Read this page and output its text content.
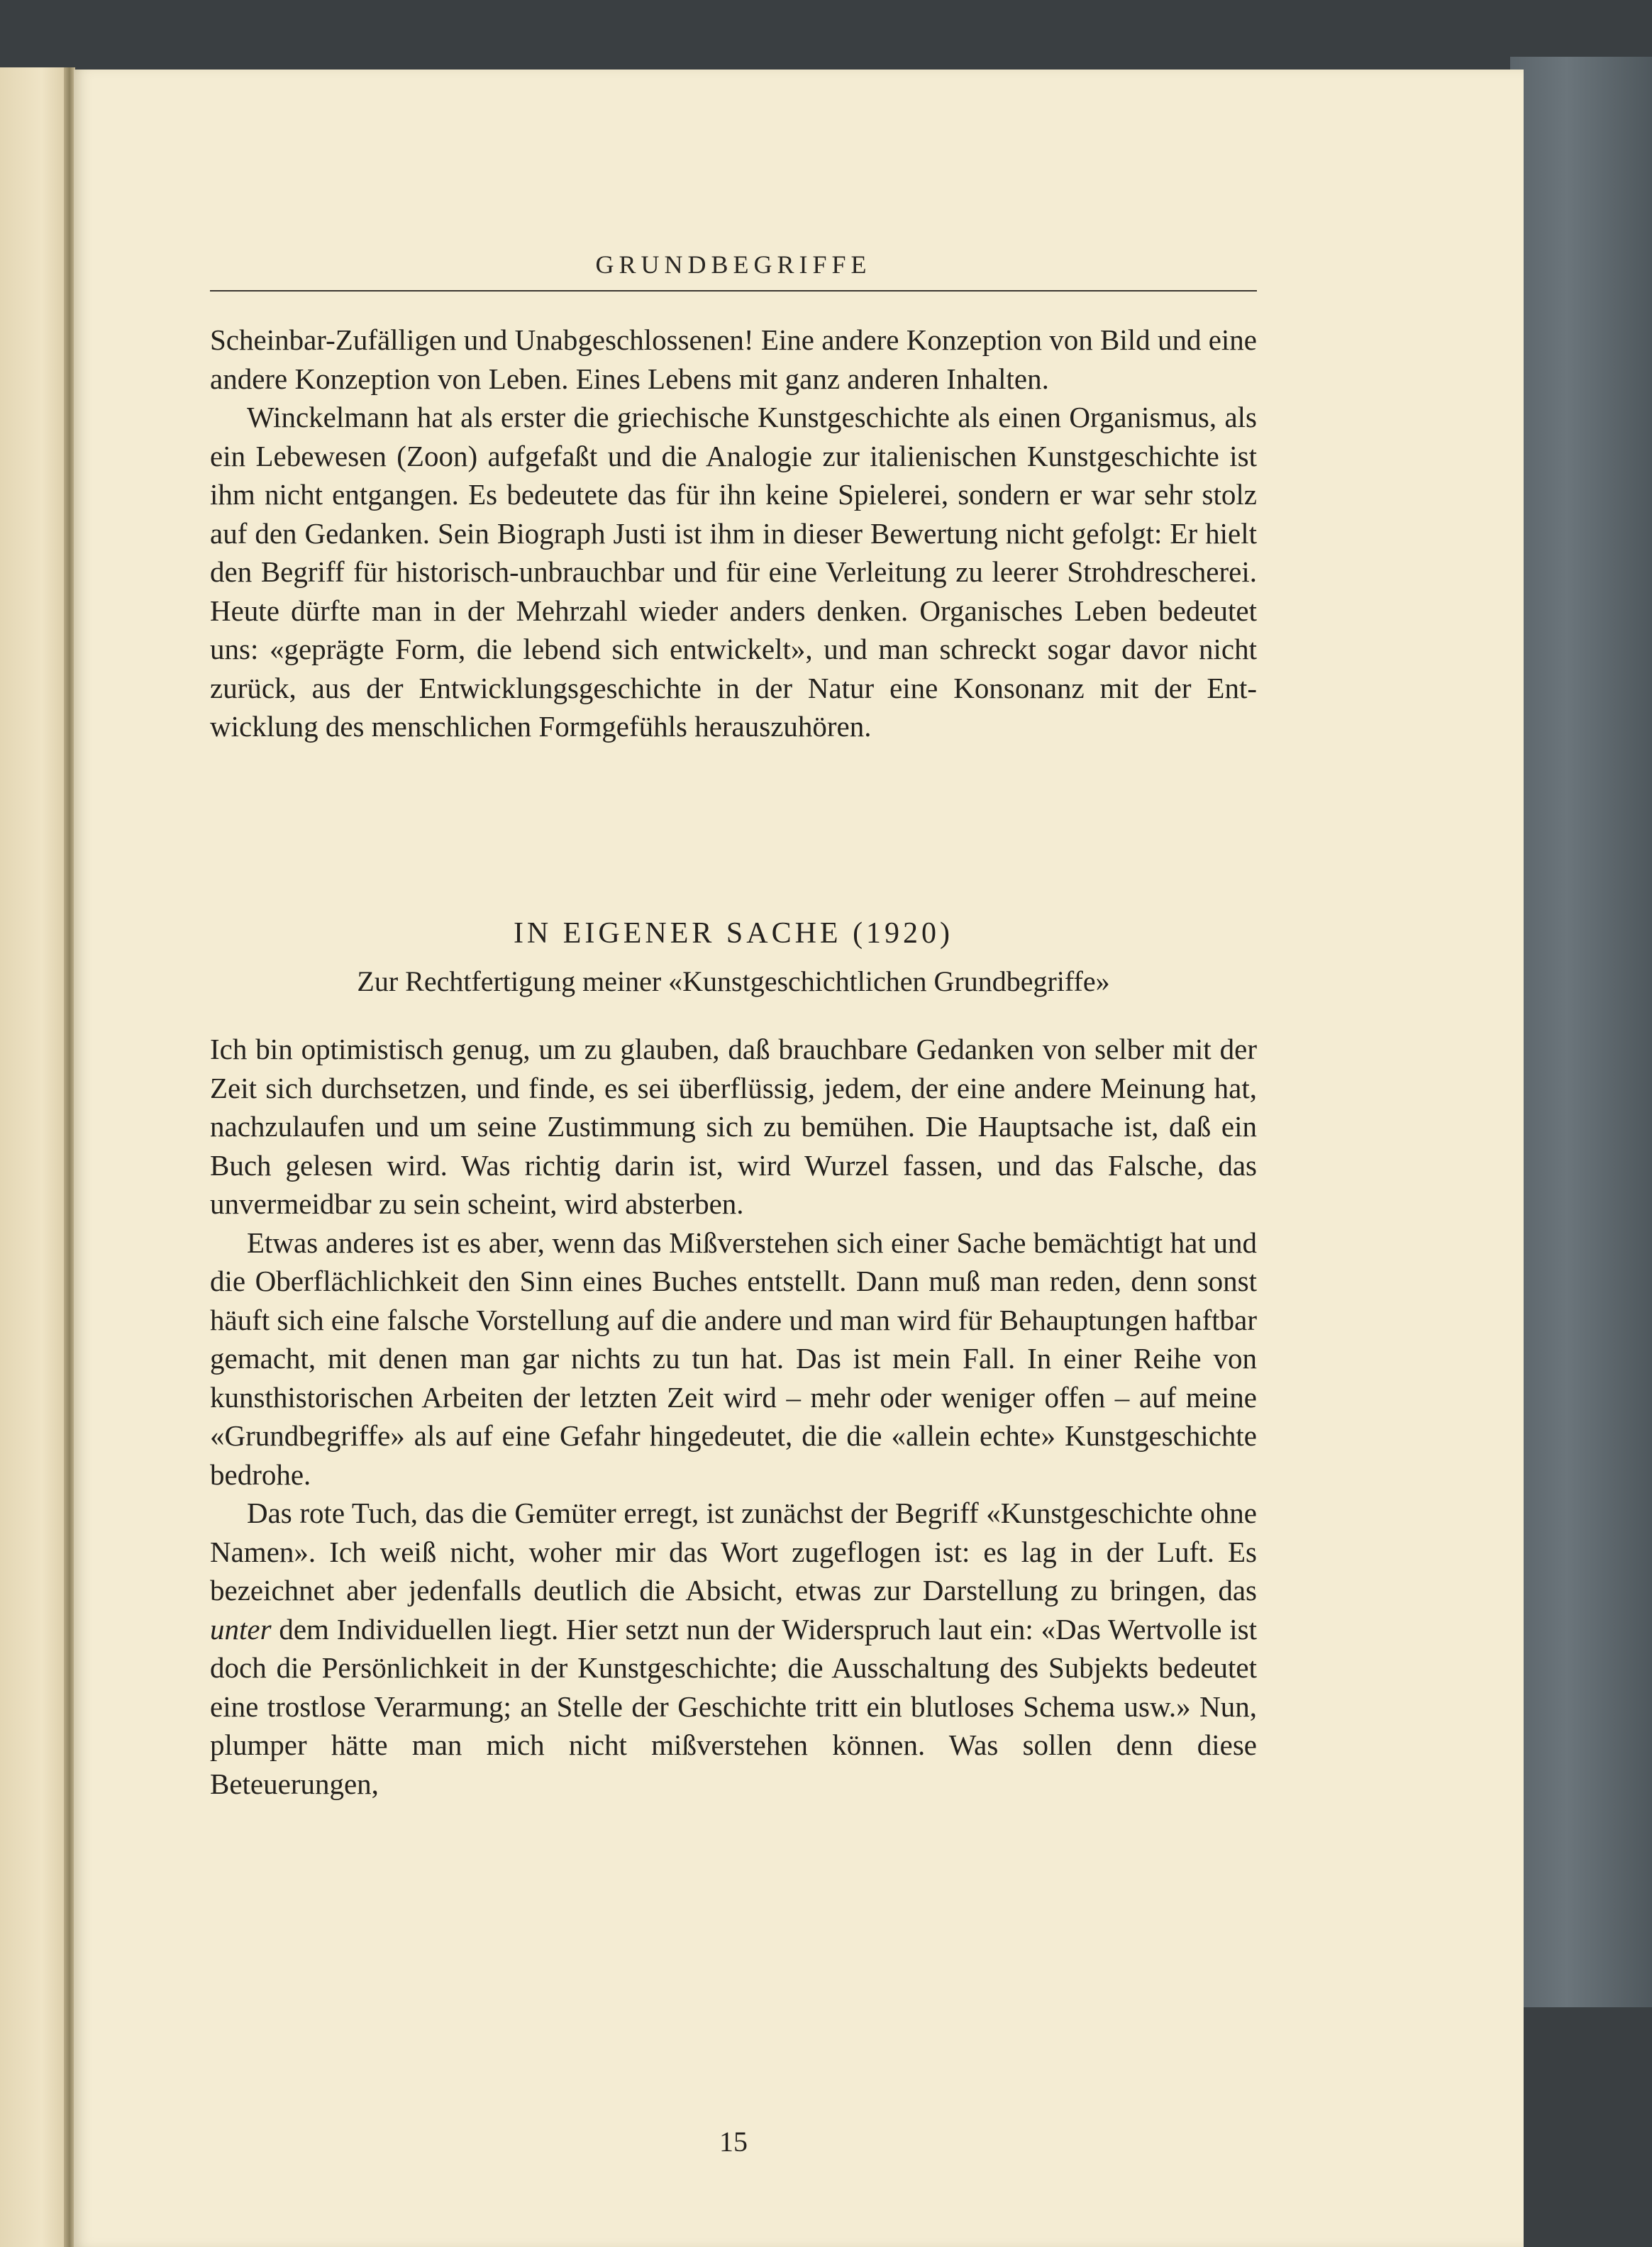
GRUNDBEGRIFFE

Scheinbar-Zufälligen und Unabgeschlossenen! Eine andere Konzeption von Bild und eine andere Konzeption von Leben. Eines Lebens mit ganz anderen Inhalten.

Winckelmann hat als erster die griechische Kunstgeschichte als einen Organismus, als ein Lebewesen (Zoon) aufgefaßt und die Analogie zur italienischen Kunstgeschichte ist ihm nicht entgangen. Es bedeutete das für ihn keine Spielerei, sondern er war sehr stolz auf den Gedanken. Sein Biograph Justi ist ihm in dieser Bewertung nicht gefolgt: Er hielt den Begriff für historisch-unbrauchbar und für eine Verleitung zu leerer Strohdrescherei. Heute dürfte man in der Mehrzahl wieder anders denken. Organisches Leben bedeutet uns: «geprägte Form, die lebend sich entwickelt», und man schreckt sogar davor nicht zurück, aus der Entwicklungsgeschichte in der Natur eine Konsonanz mit der Entwicklung des menschlichen Formgefühls herauszuhören.

IN EIGENER SACHE (1920)
Zur Rechtfertigung meiner «Kunstgeschichtlichen Grundbegriffe»

Ich bin optimistisch genug, um zu glauben, daß brauchbare Gedanken von selber mit der Zeit sich durchsetzen, und finde, es sei überflüssig, jedem, der eine andere Meinung hat, nachzulaufen und um seine Zustimmung sich zu bemühen. Die Hauptsache ist, daß ein Buch gelesen wird. Was richtig darin ist, wird Wurzel fassen, und das Falsche, das unvermeidbar zu sein scheint, wird absterben.

Etwas anderes ist es aber, wenn das Mißverstehen sich einer Sache bemächtigt hat und die Oberflächlichkeit den Sinn eines Buches entstellt. Dann muß man reden, denn sonst häuft sich eine falsche Vorstellung auf die andere und man wird für Behauptungen haftbar gemacht, mit denen man gar nichts zu tun hat. Das ist mein Fall. In einer Reihe von kunsthistorischen Arbeiten der letzten Zeit wird – mehr oder weniger offen – auf meine «Grundbegriffe» als auf eine Gefahr hingedeutet, die die «allein echte» Kunstgeschichte bedrohe.

Das rote Tuch, das die Gemüter erregt, ist zunächst der Begriff «Kunstgeschichte ohne Namen». Ich weiß nicht, woher mir das Wort zugeflogen ist: es lag in der Luft. Es bezeichnet aber jedenfalls deutlich die Absicht, etwas zur Darstellung zu bringen, das unter dem Individuellen liegt. Hier setzt nun der Widerspruch laut ein: «Das Wertvolle ist doch die Persönlichkeit in der Kunstgeschichte; die Ausschaltung des Subjekts bedeutet eine trostlose Verarmung; an Stelle der Geschichte tritt ein blutloses Schema usw.» Nun, plumper hätte man mich nicht mißverstehen können. Was sollen denn diese Beteuerungen,

15
